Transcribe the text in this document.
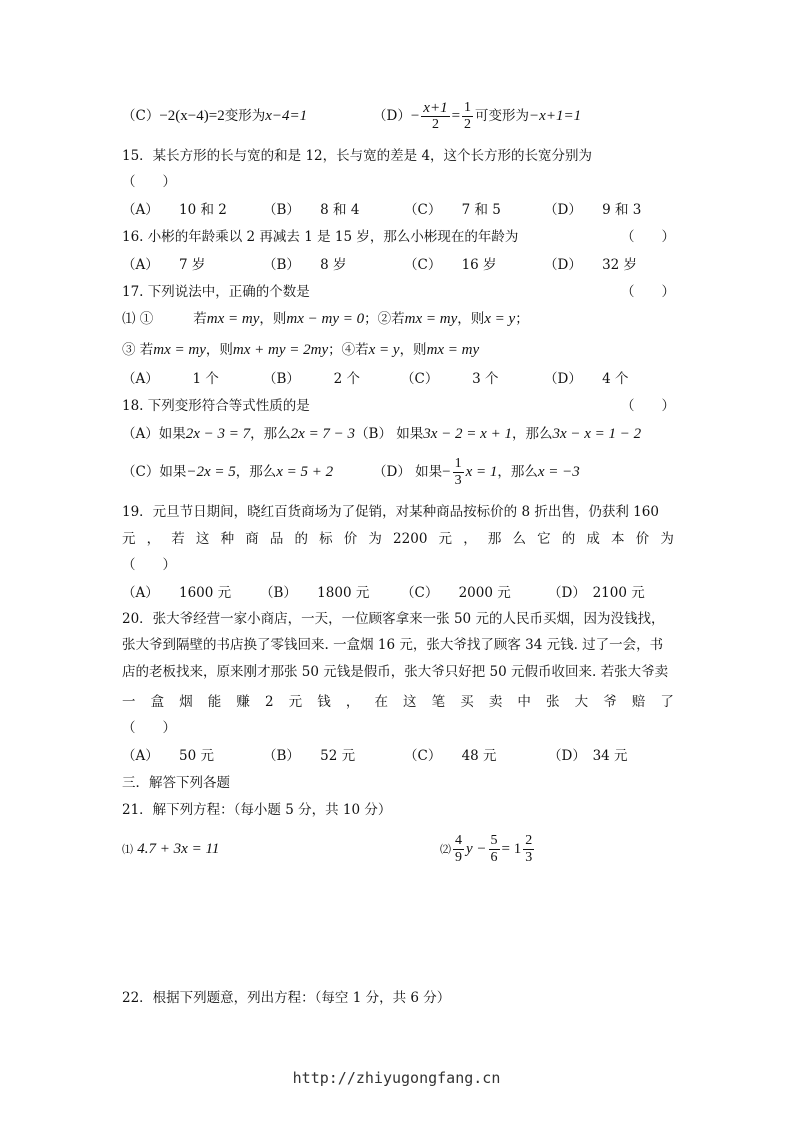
（C）−2(x−4)=2变形为x−4=1	$(D)- \frac{x+1}{2} = \frac{1}{2}$ 可变形为−x+1=1
15．某长方形的长与宽的和是 12，长与宽的差是 4，这个长方形的长宽分别为
（　　）
（A）　　10 和 2	（B）　　8 和 4	（C）　　7 和 5	（D）　　9 和 3
16. 小彬的年龄乘以 2 再减去 1 是 15 岁，那么小彬现在的年龄为	（　　）
（A）　　7 岁	（B）　　8 岁	（C）　　16 岁	（D）　　32 岁
17. 下列说法中，正确的个数是	（　　）
⑴ ①	若mx = my，则mx − my = 0；②若mx = my，则x = y；
③ 若mx = my，则mx + my = 2my；④若x = y，则mx = my
（A）　　　1 个	（B）　　　2 个	（C）　　　3 个	（D）　　4 个
18. 下列变形符合等式性质的是	（　　）
（A）如果2x − 3 = 7，那么2x = 7 − 3（B） 如果3x − 2 = x + 1，那么3x − x = 1 − 2
（C）如果−2x = 5，那么x = 5 + 2	（D） 如果− $\frac{1}{3}$ x = 1，那么x = −3
19．元旦节日期间，晓红百货商场为了促销，对某种商品按标价的 8 折出售，仍获利 160
元 ， 若 这 种 商 品 的 标 价 为 2200 元 ， 那 么 它 的 成 本 价 为
（　　）
（A）　　1600 元 （B）　　1800 元 （C）　　2000 元	（D）　2100 元
20．张大爷经营一家小商店，一天，一位顾客拿来一张 50 元的人民币买烟，因为没钱找，
张大爷到隔壁的书店换了零钱回来. 一盒烟 16 元，张大爷找了顾客 34 元钱. 过了一会，书
店的老板找来，原来刚才那张 50 元钱是假币，张大爷只好把 50 元假币收回来. 若张大爷卖
一 盒 烟 能 赚 2 元 钱 ， 在 这 笔 买 卖 中 张 大 爷 赔 了
（　　）
（A）　　50 元	（B）　　52 元	（C）　　48 元	（D）　34 元
三．解答下列各题
21．解下列方程：（每小题 5 分，共 10 分）
⑴ 4.7 + 3x = 11	⑵ $\frac{4}{9}$ $y - \frac{5}{6} = 1 \frac{2}{3}$
22．根据下列题意，列出方程：（每空 1 分，共 6 分）
http://zhiyugongfang.cn
